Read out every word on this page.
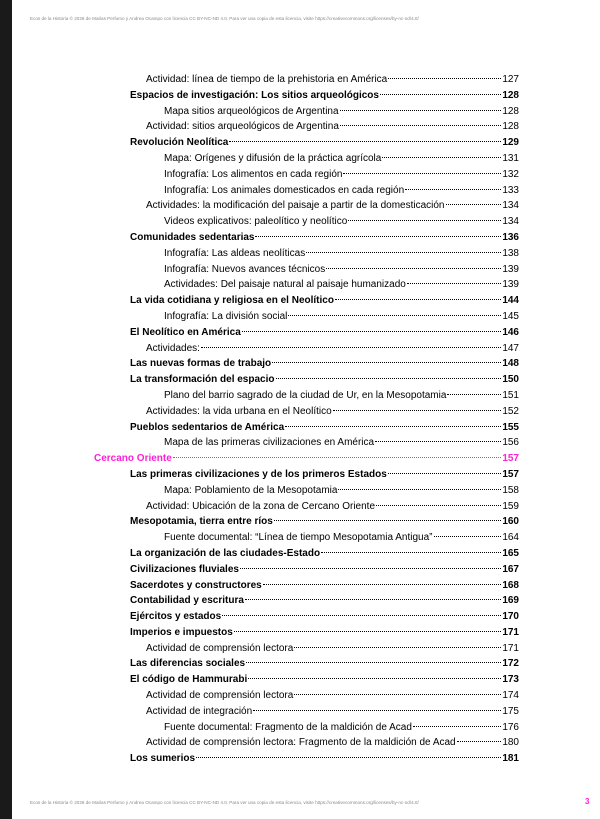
Ecos de la Historia © 2026 de Matías Perfumo y Andrea Ocampo con licencia CC BY-NC-ND 4.0. Para ver una copia de esta licencia, visite https://creativecommons.org/licenses/by-nc-nd/4.0/
Actividad: línea de tiempo de la prehistoria en América	127
Espacios de investigación: Los sitios arqueológicos	128
Mapa sitios arqueológicos de Argentina	128
Actividad: sitios arqueológicos de Argentina	128
Revolución Neolítica	129
Mapa: Orígenes y difusión de la práctica agrícola	131
Infografía: Los alimentos en cada región	132
Infografía: Los animales domesticados en cada región	133
Actividades: la modificación del paisaje a partir de la domesticación	134
Videos explicativos: paleolítico y neolítico	134
Comunidades sedentarias	136
Infografía: Las aldeas neolíticas	138
Infografía: Nuevos avances técnicos	139
Actividades: Del paisaje natural al paisaje humanizado	139
La vida cotidiana y religiosa en el Neolítico	144
Infografía: La división social	145
El Neolítico en América	146
Actividades:	147
Las nuevas formas de trabajo	148
La transformación del espacio	150
Plano del barrio sagrado de la ciudad de Ur, en la Mesopotamia	151
Actividades: la vida urbana en el Neolítico	152
Pueblos sedentarios de América	155
Mapa de las primeras civilizaciones en América	156
Cercano Oriente	157
Las primeras civilizaciones y de los primeros Estados	157
Mapa: Poblamiento de la Mesopotamia	158
Actividad: Ubicación de la zona de Cercano Oriente	159
Mesopotamia, tierra entre ríos	160
Fuente documental: “Línea de tiempo Mesopotamia Antigua”	164
La organización de las ciudades-Estado	165
Civilizaciones fluviales	167
Sacerdotes y constructores	168
Contabilidad y escritura	169
Ejércitos y estados	170
Imperios e impuestos	171
Actividad de comprensión lectora	171
Las diferencias sociales	172
El código de Hammurabi	173
Actividad de comprensión lectora	174
Actividad de integración	175
Fuente documental: Fragmento de la maldición de Acad	176
Actividad de comprensión lectora: Fragmento de la maldición de Acad	180
Los sumerios	181
Ecos de la Historia © 2026 de Matías Perfumo y Andrea Ocampo con licencia CC BY-NC-ND 4.0. Para ver una copia de esta licencia, visite https://creativecommons.org/licenses/by-nc-nd/4.0/	3
